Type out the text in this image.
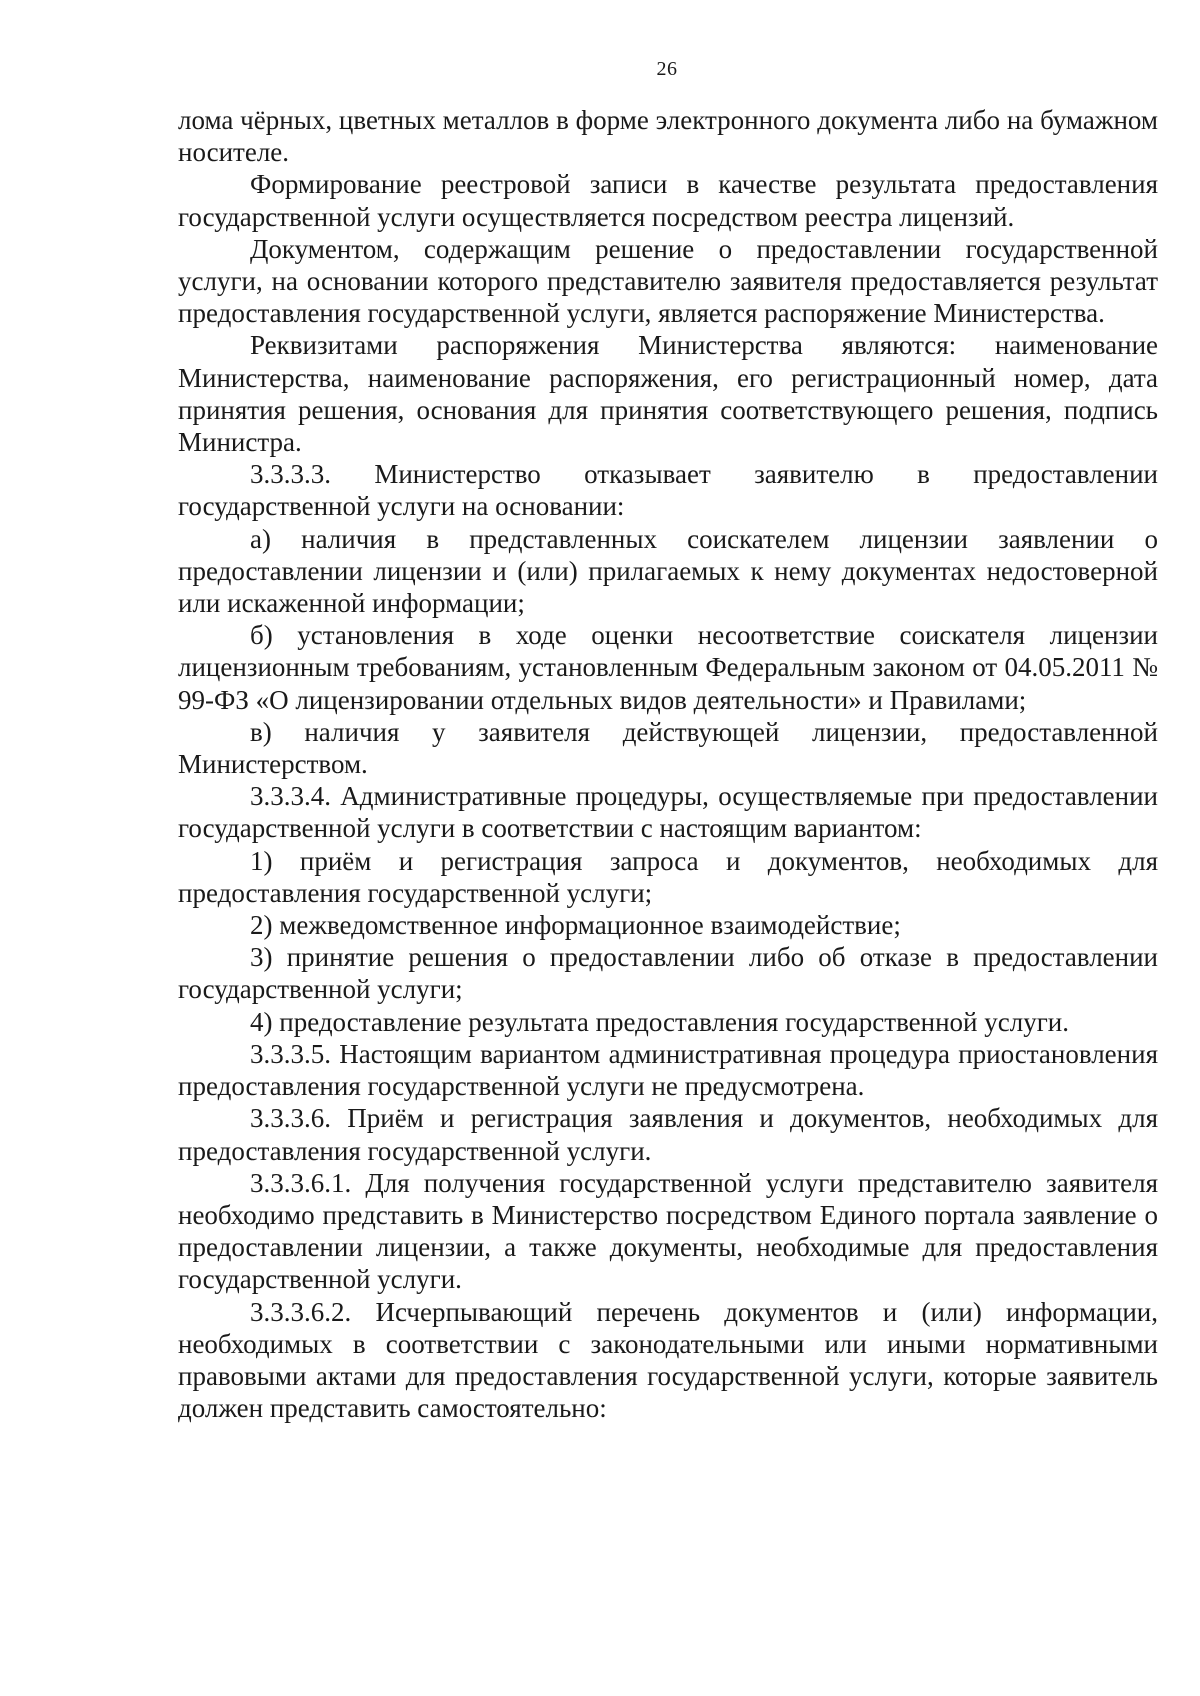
26

лома чёрных, цветных металлов в форме электронного документа либо на бумажном носителе.

Формирование реестровой записи в качестве результата предоставления государственной услуги осуществляется посредством реестра лицензий.

Документом, содержащим решение о предоставлении государственной услуги, на основании которого представителю заявителя предоставляется результат предоставления государственной услуги, является распоряжение Министерства.

Реквизитами распоряжения Министерства являются: наименование Министерства, наименование распоряжения, его регистрационный номер, дата принятия решения, основания для принятия соответствующего решения, подпись Министра.

3.3.3.3. Министерство отказывает заявителю в предоставлении государственной услуги на основании:

а) наличия в представленных соискателем лицензии заявлении о предоставлении лицензии и (или) прилагаемых к нему документах недостоверной или искаженной информации;

б) установления в ходе оценки несоответствие соискателя лицензии лицензионным требованиям, установленным Федеральным законом от 04.05.2011 № 99-ФЗ «О лицензировании отдельных видов деятельности» и Правилами;

в) наличия у заявителя действующей лицензии, предоставленной Министерством.

3.3.3.4. Административные процедуры, осуществляемые при предоставлении государственной услуги в соответствии с настоящим вариантом:

1) приём и регистрация запроса и документов, необходимых для предоставления государственной услуги;

2) межведомственное информационное взаимодействие;

3) принятие решения о предоставлении либо об отказе в предоставлении государственной услуги;

4) предоставление результата предоставления государственной услуги.

3.3.3.5. Настоящим вариантом административная процедура приостановления предоставления государственной услуги не предусмотрена.

3.3.3.6. Приём и регистрация заявления и документов, необходимых для предоставления государственной услуги.

3.3.3.6.1. Для получения государственной услуги представителю заявителя необходимо представить в Министерство посредством Единого портала заявление о предоставлении лицензии, а также документы, необходимые для предоставления государственной услуги.

3.3.3.6.2. Исчерпывающий перечень документов и (или) информации, необходимых в соответствии с законодательными или иными нормативными правовыми актами для предоставления государственной услуги, которые заявитель должен представить самостоятельно:
